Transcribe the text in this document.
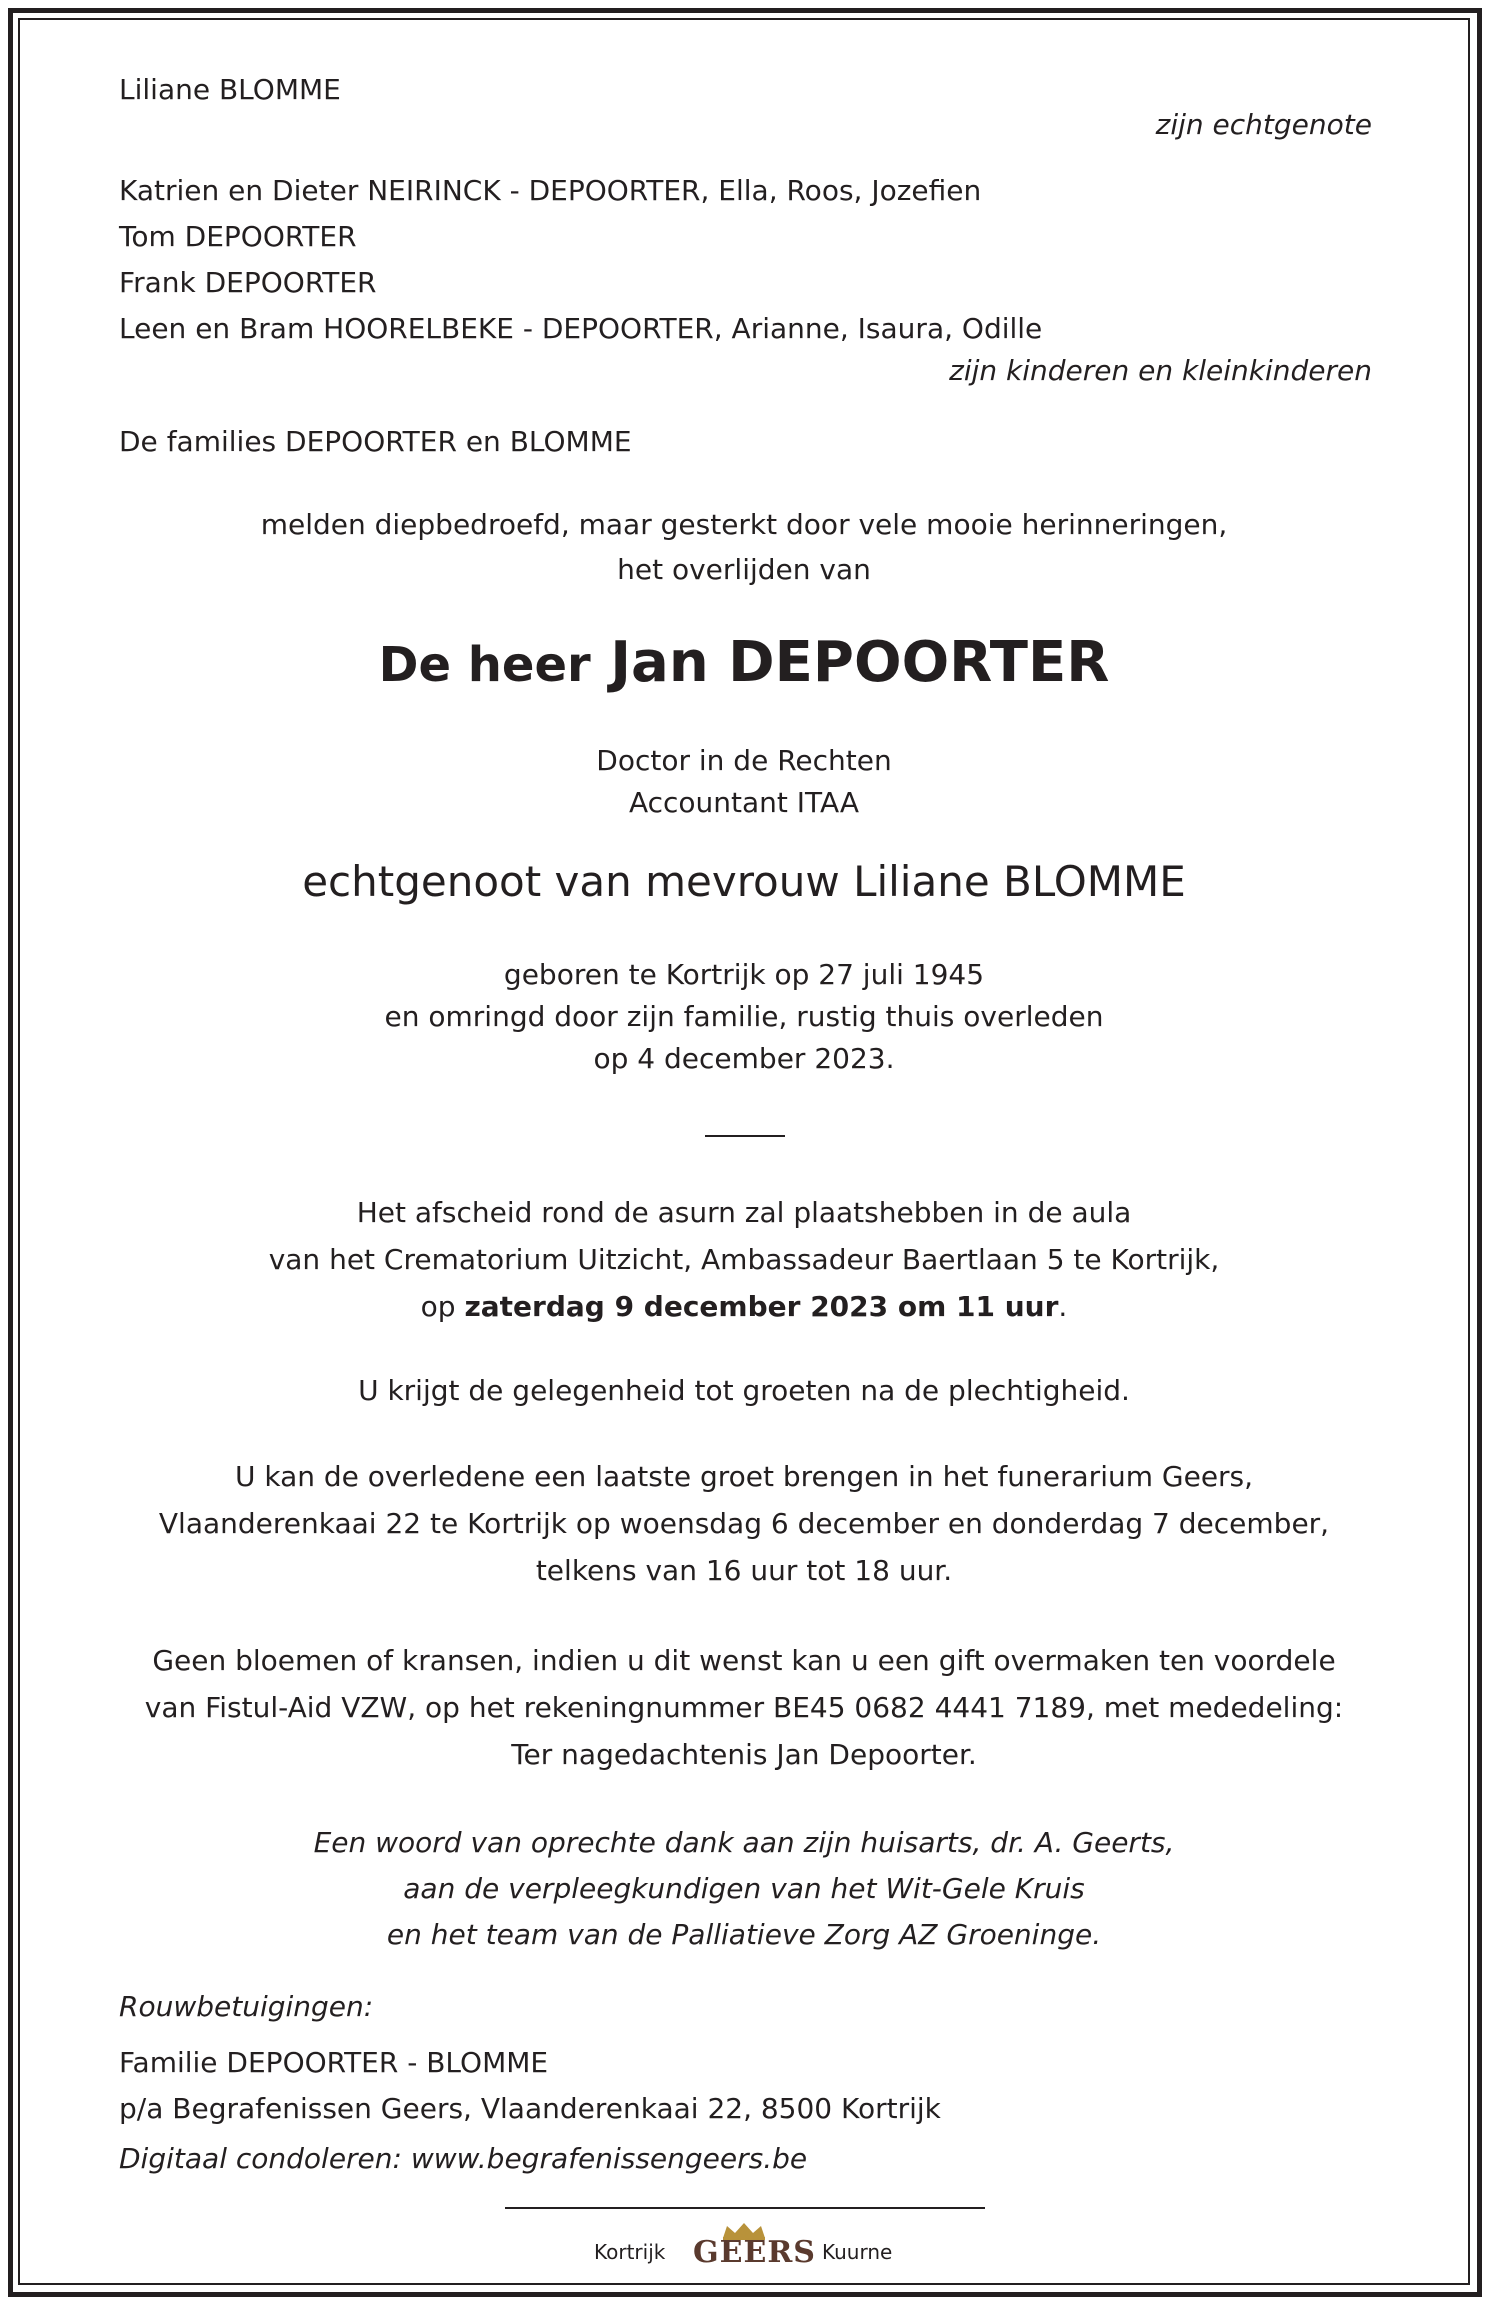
Liliane BLOMME

zijn echtgenote

Katrien en Dieter NEIRINCK - DEPOORTER, Ella, Roos, Jozefien

Tom DEPOORTER

Frank DEPOORTER

Leen en Bram HOORELBEKE - DEPOORTER, Arianne, Isaura, Odille

zijn kinderen en kleinkinderen

De families DEPOORTER en BLOMME

melden diepbedroefd, maar gesterkt door vele mooie herinneringen,

het overlijden van

De heer Jan DEPOORTER

Doctor in de Rechten

Accountant ITAA

echtgenoot van mevrouw Liliane BLOMME

geboren te Kortrijk op 27 juli 1945

en omringd door zijn familie, rustig thuis overleden

op 4 december 2023.

Het afscheid rond de asurn zal plaatshebben in de aula

van het Crematorium Uitzicht, Ambassadeur Baertlaan 5 te Kortrijk,

op zaterdag 9 december 2023 om 11 uur.

U krijgt de gelegenheid tot groeten na de plechtigheid.

U kan de overledene een laatste groet brengen in het funerarium Geers,

Vlaanderenkaai 22 te Kortrijk op woensdag 6 december en donderdag 7 december,

telkens van 16 uur tot 18 uur.

Geen bloemen of kransen, indien u dit wenst kan u een gift overmaken ten voordele

van Fistul-Aid VZW, op het rekeningnummer BE45 0682 4441 7189, met mededeling:

Ter nagedachtenis Jan Depoorter.

Een woord van oprechte dank aan zijn huisarts, dr. A. Geerts,

aan de verpleegkundigen van het Wit-Gele Kruis

en het team van de Palliatieve Zorg AZ Groeninge.

Rouwbetuigingen:

Familie DEPOORTER - BLOMME

p/a Begrafenissen Geers, Vlaanderenkaai 22, 8500 Kortrijk

Digitaal condoleren: www.begrafenissengeers.be

Kortrijk GEERS Kuurne
